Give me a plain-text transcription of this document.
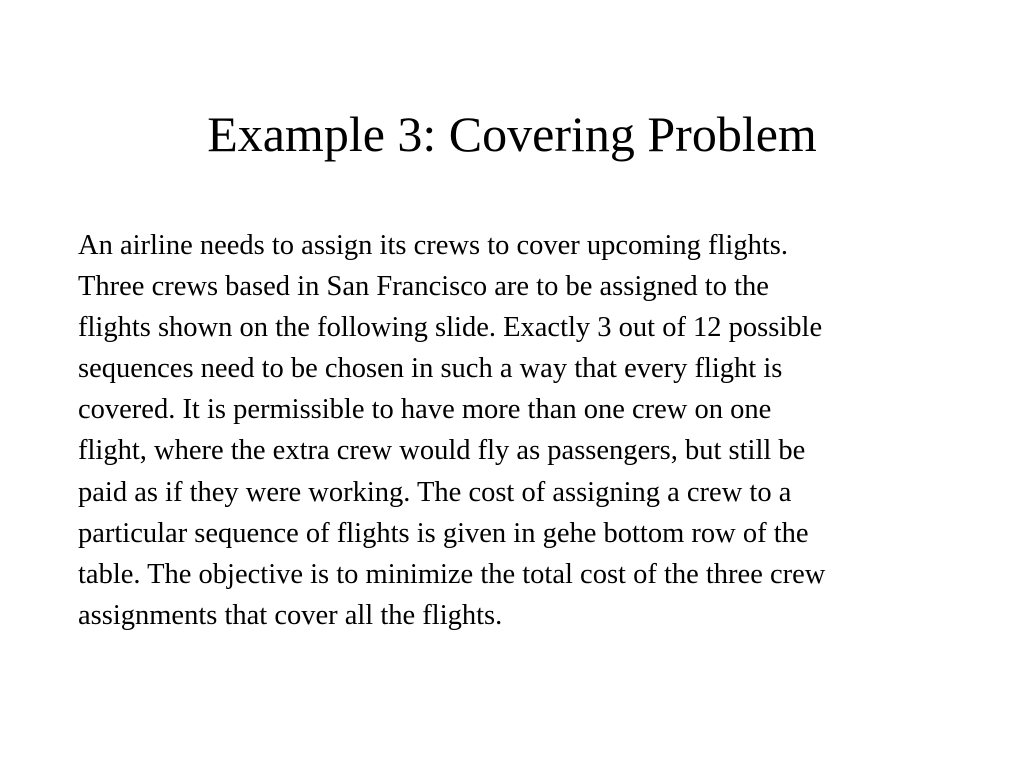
Example 3: Covering Problem
An airline needs to assign its crews to cover upcoming flights.
Three crews based in San Francisco are to be assigned to the
flights shown on the following slide. Exactly 3 out of 12 possible
sequences need to be chosen in such a way that every flight is
covered. It is permissible to have more than one crew on one
flight, where the extra crew would fly as passengers, but still be
paid as if they were working. The cost of assigning a crew to a
particular sequence of flights is given in gehe bottom row of the
table. The objective is to minimize the total cost of the three crew
assignments that cover all the flights.
